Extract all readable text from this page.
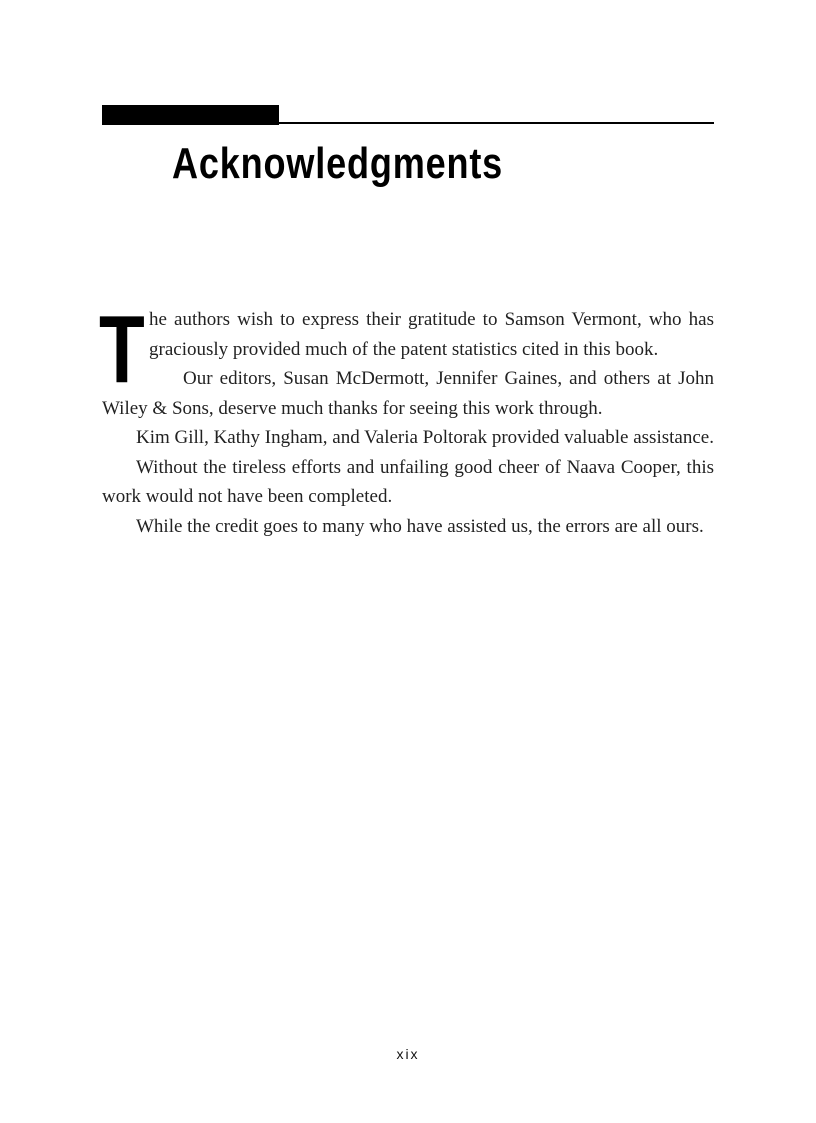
Acknowledgments

The authors wish to express their gratitude to Samson Vermont, who has graciously provided much of the patent statistics cited in this book.

Our editors, Susan McDermott, Jennifer Gaines, and others at John Wiley & Sons, deserve much thanks for seeing this work through.

Kim Gill, Kathy Ingham, and Valeria Poltorak provided valuable assistance.

Without the tireless efforts and unfailing good cheer of Naava Cooper, this work would not have been completed.

While the credit goes to many who have assisted us, the errors are all ours.

xix
